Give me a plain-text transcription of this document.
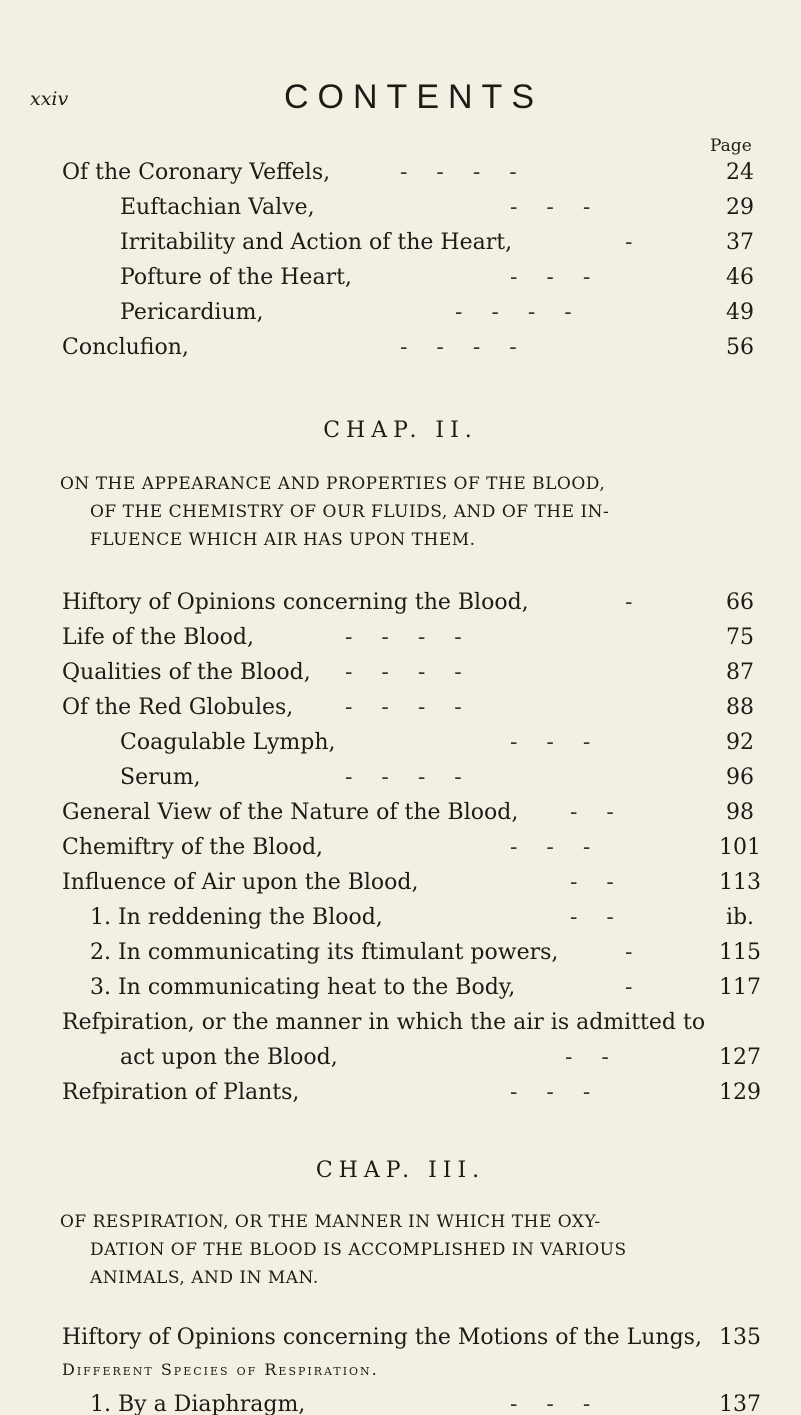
xxiv	CONTENTS
Page
Of the Coronary Veffels,	-   -   -   -	24
Euftachian Valve,	-   -   -	29
Irritability and Action of the Heart,	-	37
Pofture of the Heart,	-   -   -	46
Pericardium,	-   -   -   -	49
Conclufion,	-   -   -   -	56
CHAP. II.
ON THE APPEARANCE AND PROPERTIES OF THE BLOOD,
OF THE CHEMISTRY OF OUR FLUIDS, AND OF THE IN-
FLUENCE WHICH AIR HAS UPON THEM.
Hiftory of Opinions concerning the Blood,	-	66
Life of the Blood,	-   -   -   -	75
Qualities of the Blood, -   -   -   -	87
Of the Red Globules, -   -   -   -	88
Coagulable Lymph,	-   -   -	92
Serum,	-   -   -   -	96
General View of the Nature of the Blood, -   -	98
Chemiftry of the Blood,	-   -   -	101
Influence of Air upon the Blood,	-   -	113
1. In reddening the Blood,	-   -	ib.
2. In communicating its ftimulant powers,	-	115
3. In communicating heat to the Body,	-	117
Refpiration, or the manner in which the air is admitted to
act upon the Blood,	-   -	127
Refpiration of Plants,	-   -   -	129
CHAP. III.
OF RESPIRATION, OR THE MANNER IN WHICH THE OXY-
DATION OF THE BLOOD IS ACCOMPLISHED IN VARIOUS
ANIMALS, AND IN MAN.
Hiftory of Opinions concerning the Motions of the Lungs, 135
Different Species of Respiration.
1. By a Diaphragm,	-   -   -	137
